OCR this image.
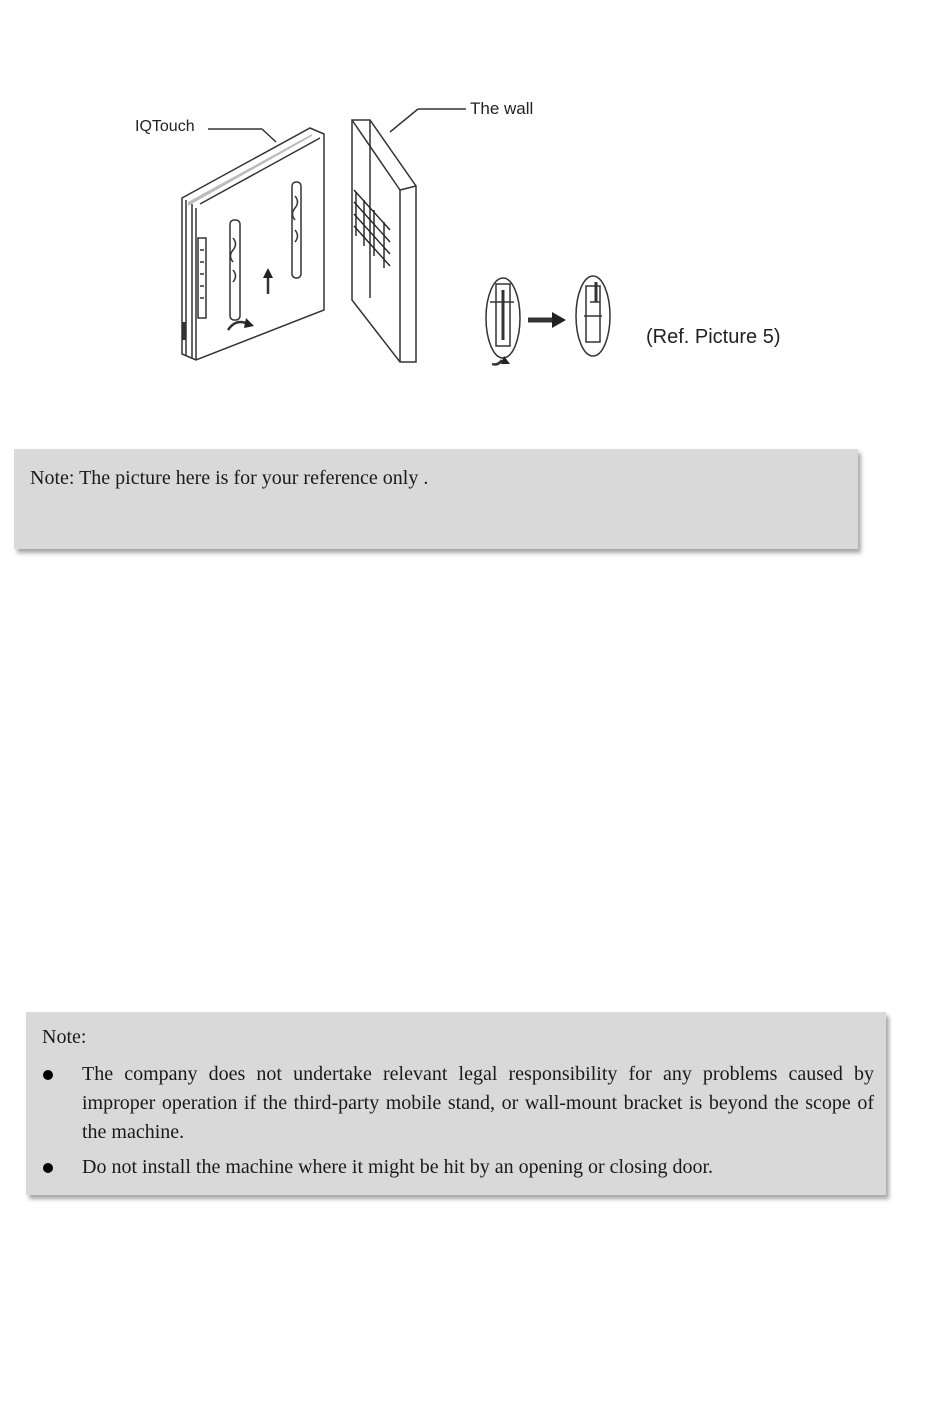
IQTouch
The wall
(Ref. Picture 5)
Note: The picture here is for your reference only .
Note:
The company does not undertake relevant legal responsibility for any problems caused by improper operation if the third-party mobile stand, or wall-mount bracket is beyond the scope of the machine.
Do not install the machine where it might be hit by an opening or closing door.
